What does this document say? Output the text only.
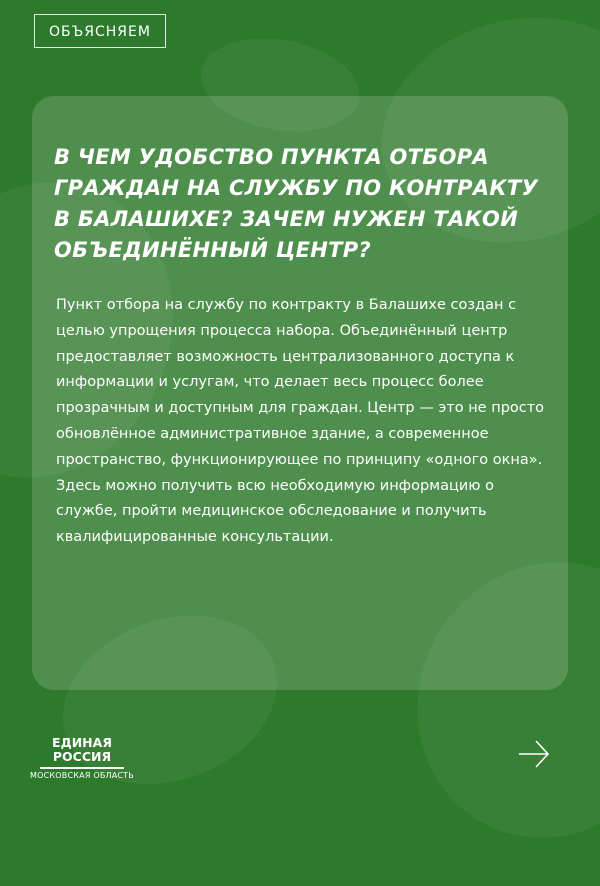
ОБЪЯСНЯЕМ
В ЧЕМ УДОБСТВО ПУНКТА ОТБОРА ГРАЖДАН НА СЛУЖБУ ПО КОНТРАКТУ В БАЛАШИХЕ? ЗАЧЕМ НУЖЕН ТАКОЙ ОБЪЕДИНЁННЫЙ ЦЕНТР?

Пункт отбора на службу по контракту в Балашихе создан с целью упрощения процесса набора. Объединённый центр предоставляет возможность централизованного доступа к информации и услугам, что делает весь процесс более прозрачным и доступным для граждан. Центр — это не просто обновлённое административное здание, а современное пространство, функционирующее по принципу «одного окна». Здесь можно получить всю необходимую информацию о службе, пройти медицинское обследование и получить квалифицированные консультации.

ЕДИНАЯ
РОССИЯ
МОСКОВСКАЯ ОБЛАСТЬ
